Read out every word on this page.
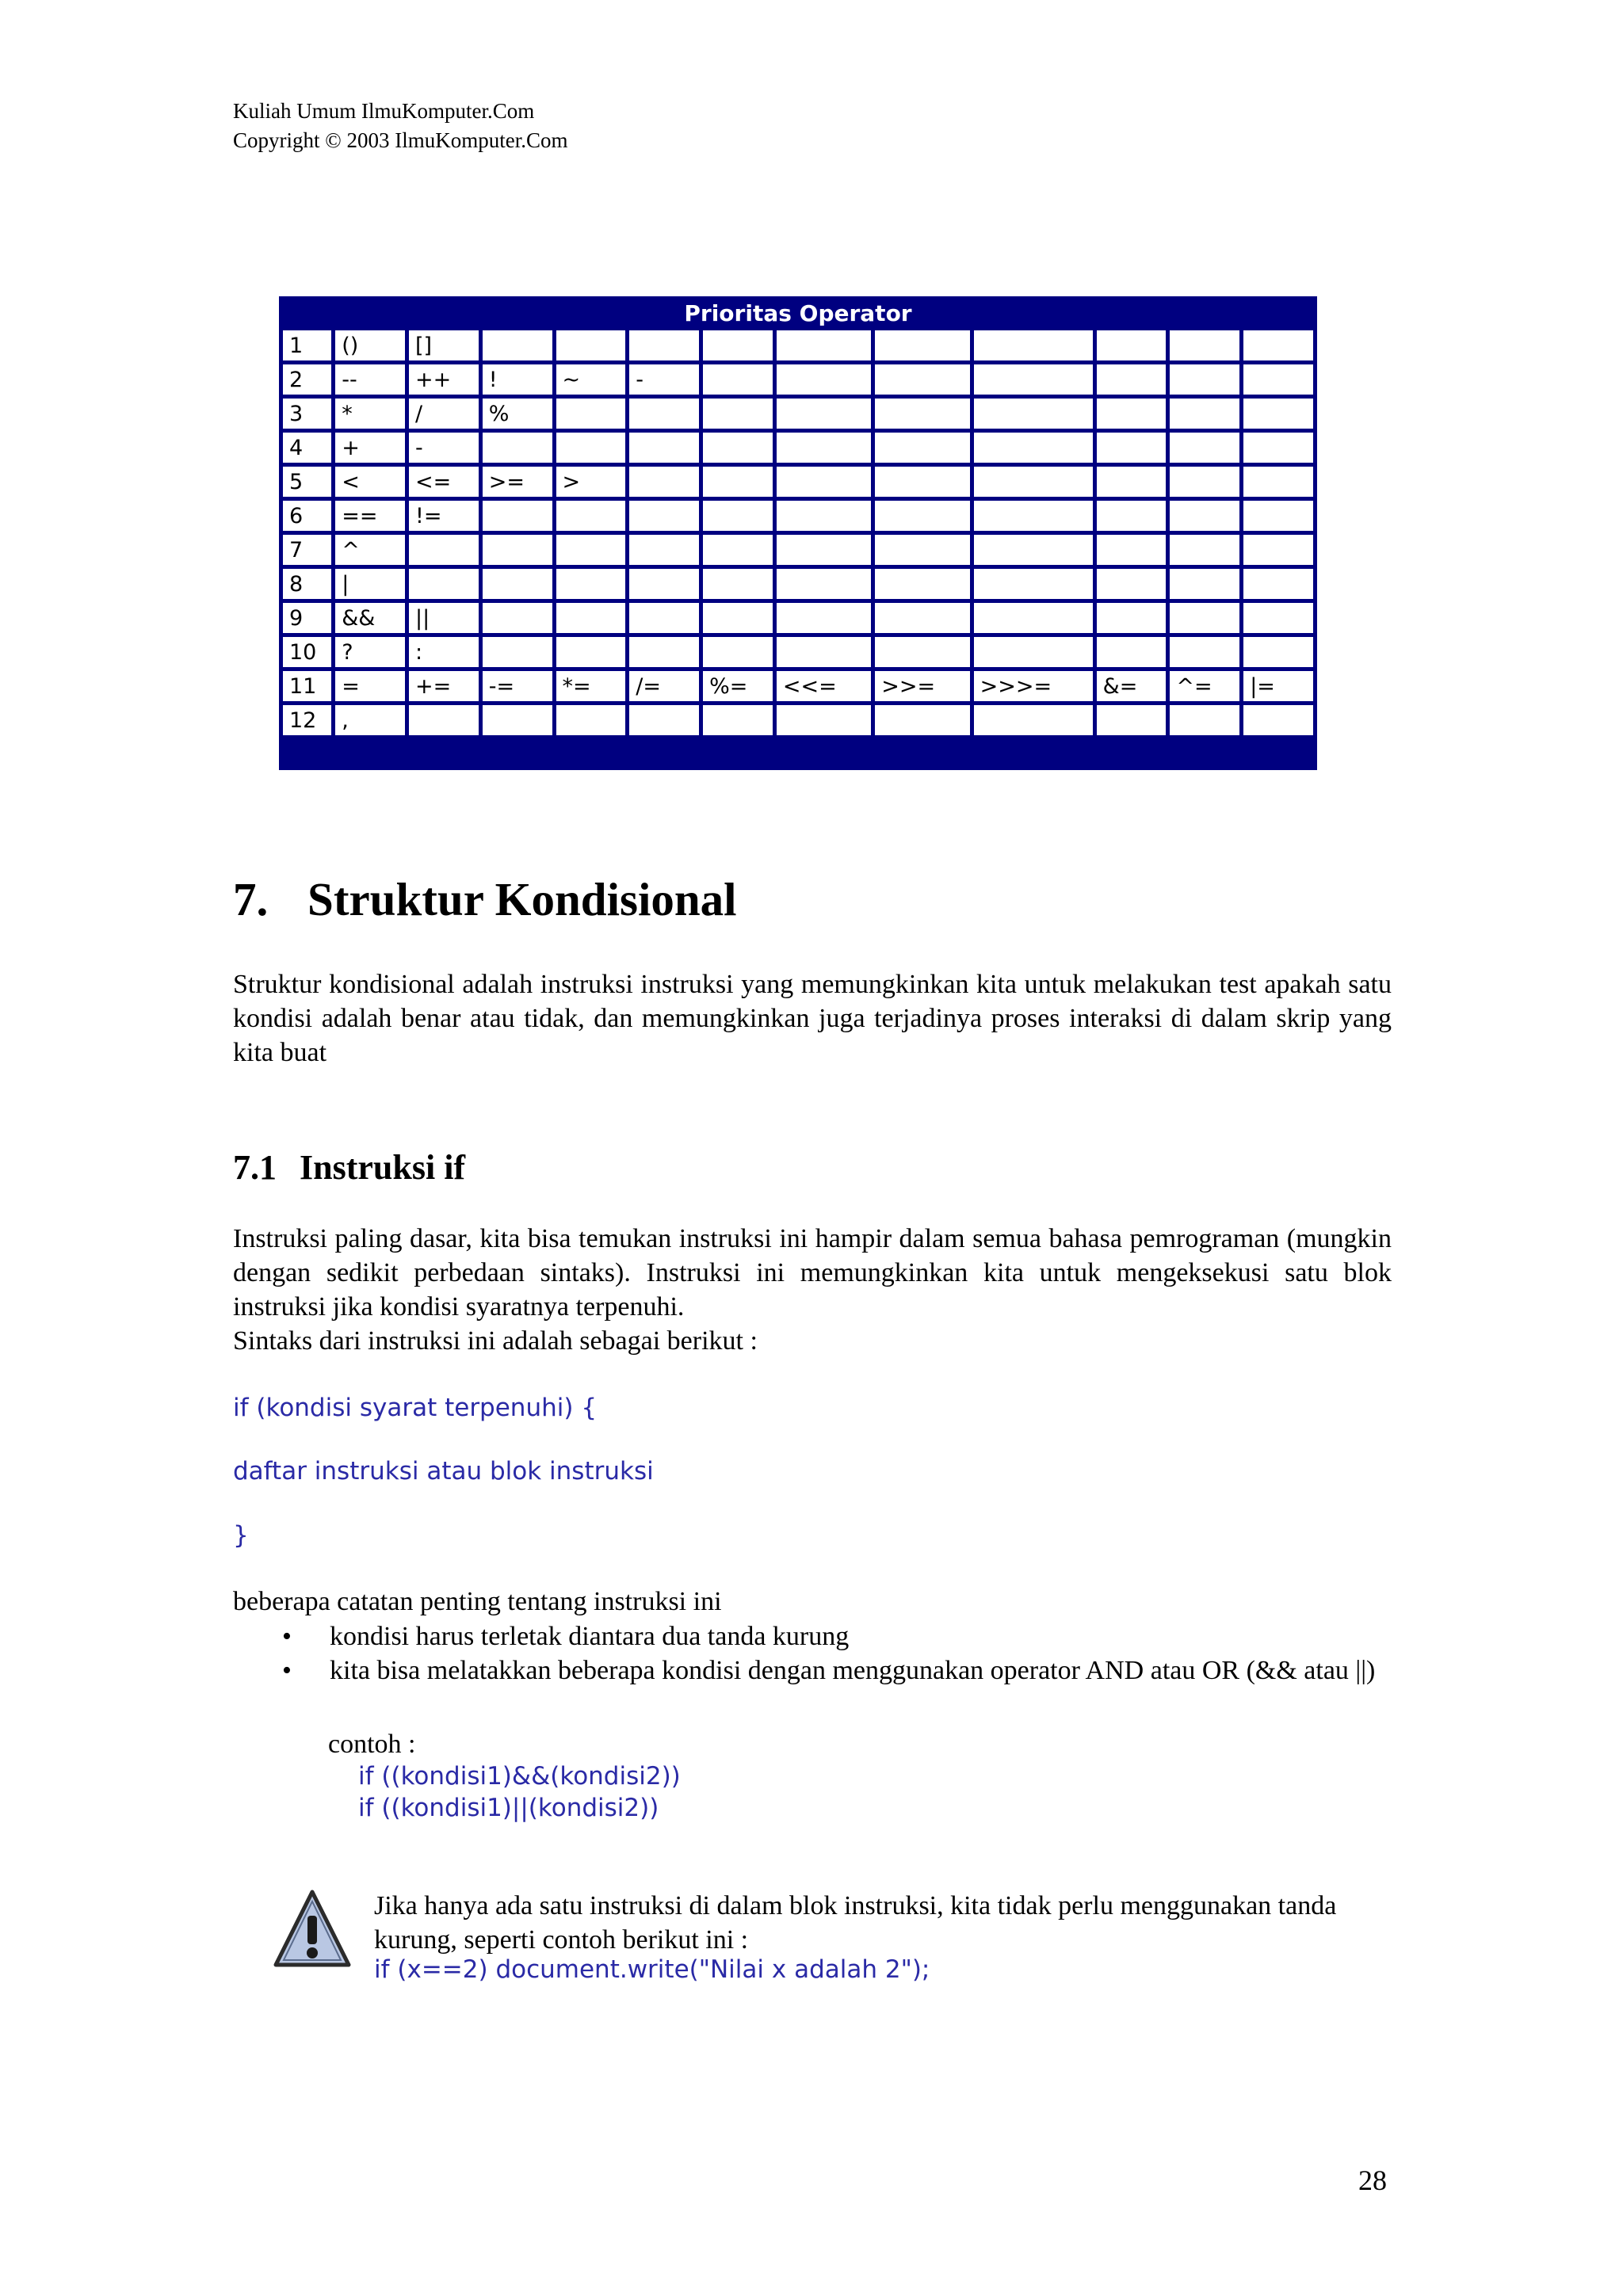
Kuliah Umum IlmuKomputer.Com
Copyright © 2003 IlmuKomputer.Com
Prioritas Operator												
1	()	[]										
2	--	++	!	~	-							
3	*	/	%									
4	+	-										
5	<	<=	>=	>								
6	==	!=										
7	^											
8	|											
9	&&	||										
10	?	:										
11	=	+=	-=	*=	/=	%=	<<=	>>=	>>>=	&=	^=	|=
12	,											
7. Struktur Kondisional

Struktur kondisional adalah instruksi instruksi yang memungkinkan kita untuk melakukan test apakah satu kondisi adalah benar atau tidak, dan memungkinkan juga terjadinya proses interaksi di dalam skrip yang kita buat

7.1 Instruksi if

Instruksi paling dasar, kita bisa temukan instruksi ini hampir dalam semua bahasa pemrograman (mungkin dengan sedikit perbedaan sintaks). Instruksi ini memungkinkan kita untuk mengeksekusi satu blok instruksi jika kondisi syaratnya terpenuhi.

Sintaks dari instruksi ini adalah sebagai berikut :

if (kondisi syarat terpenuhi) {
daftar instruksi atau blok instruksi
}

beberapa catatan penting tentang instruksi ini

• kondisi harus terletak diantara dua tanda kurung
• kita bisa melatakkan beberapa kondisi dengan menggunakan operator AND atau OR (&& atau ||)
contoh :
if ((kondisi1)&&(kondisi2))
if ((kondisi1)||(kondisi2))
Jika hanya ada satu instruksi di dalam blok instruksi, kita tidak perlu menggunakan tanda kurung, seperti contoh berikut ini :
if (x==2) document.write("Nilai x adalah 2");
28
